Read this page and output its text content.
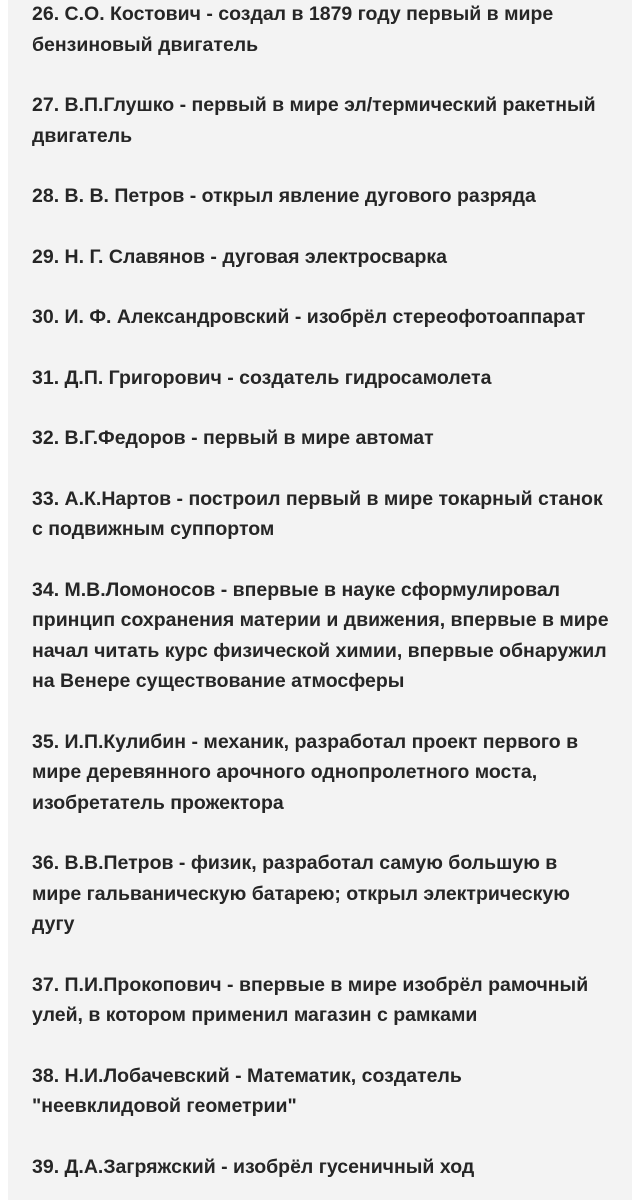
26. С.О. Костович - создал в 1879 году первый в мире бензиновый двигатель
27. В.П.Глушко - первый в мире эл/термический ракетный двигатель
28. В. В. Петров - открыл явление дугового разряда
29. Н. Г. Славянов - дуговая электросварка
30. И. Ф. Александровский - изобрёл стереофотоаппарат
31. Д.П. Григорович - создатель гидросамолета
32. В.Г.Федоров - первый в мире автомат
33. А.К.Нартов - построил первый в мире токарный станок с подвижным суппортом
34. М.В.Ломоносов - впервые в науке сформулировал принцип сохранения материи и движения, впервые в мире начал читать курс физической химии, впервые обнаружил на Венере существование атмосферы
35. И.П.Кулибин - механик, разработал проект первого в мире деревянного арочного однопролетного моста, изобретатель прожектора
36. В.В.Петров - физик, разработал самую большую в мире гальваническую батарею; открыл электрическую дугу
37. П.И.Прокопович - впервые в мире изобрёл рамочный улей, в котором применил магазин с рамками
38. Н.И.Лобачевский - Математик, создатель "неевклидовой геометрии"
39. Д.А.Загряжский - изобрёл гусеничный ход
